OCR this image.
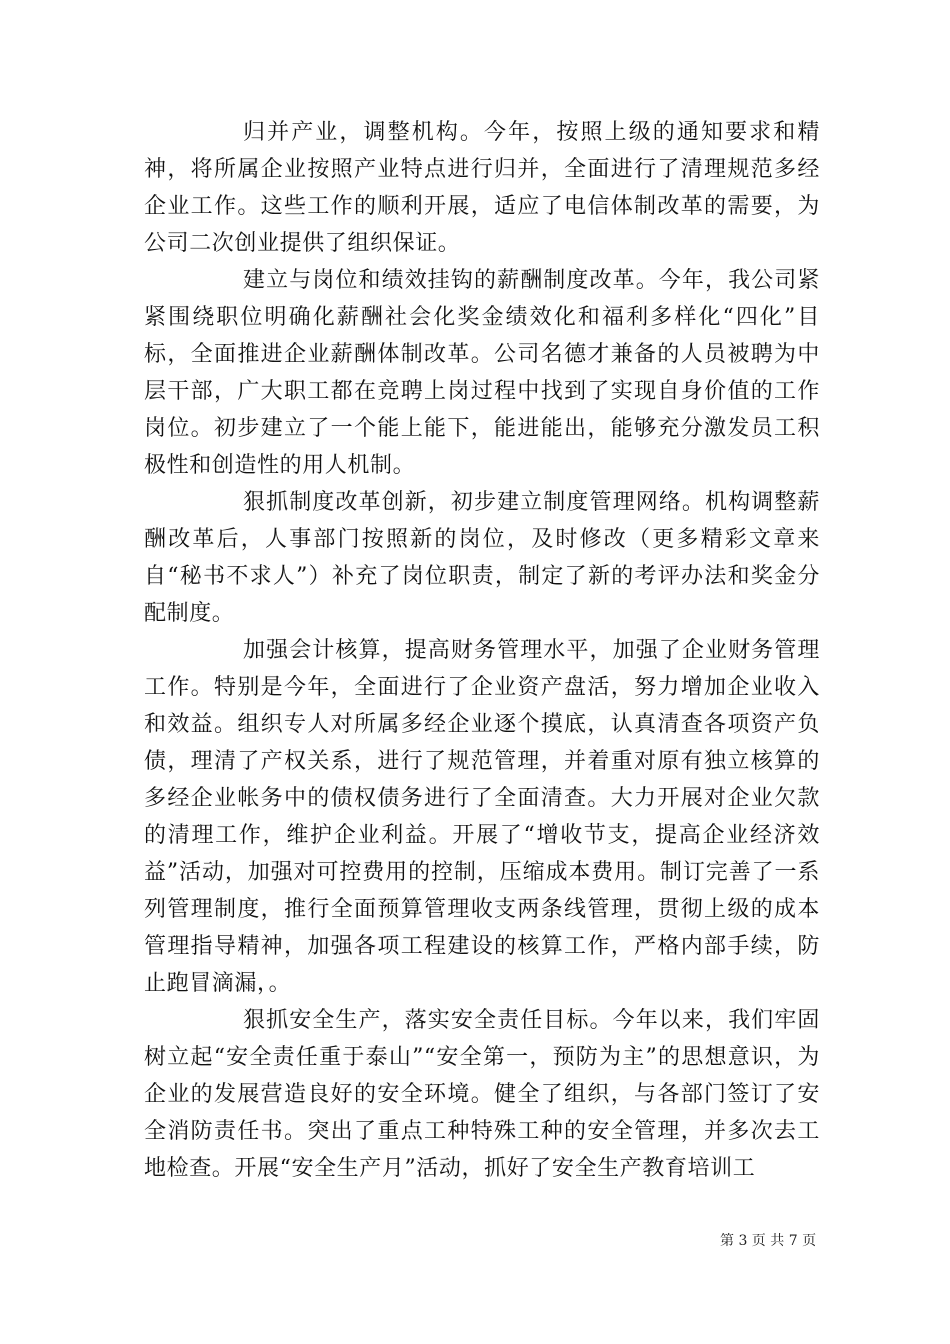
归并产业，调整机构。今年，按照上级的通知要求和精神，将所属企业按照产业特点进行归并，全面进行了清理规范多经企业工作。这些工作的顺利开展，适应了电信体制改革的需要，为公司二次创业提供了组织保证。

建立与岗位和绩效挂钩的薪酬制度改革。今年，我公司紧紧围绕职位明确化薪酬社会化奖金绩效化和福利多样化“四化”目标，全面推进企业薪酬体制改革。公司名德才兼备的人员被聘为中层干部，广大职工都在竞聘上岗过程中找到了实现自身价值的工作岗位。初步建立了一个能上能下，能进能出，能够充分激发员工积极性和创造性的用人机制。

狠抓制度改革创新，初步建立制度管理网络。机构调整薪酬改革后，人事部门按照新的岗位，及时修改（更多精彩文章来自“秘书不求人”）补充了岗位职责，制定了新的考评办法和奖金分配制度。

加强会计核算，提高财务管理水平，加强了企业财务管理工作。特别是今年，全面进行了企业资产盘活，努力增加企业收入和效益。组织专人对所属多经企业逐个摸底，认真清查各项资产负债，理清了产权关系，进行了规范管理，并着重对原有独立核算的多经企业帐务中的债权债务进行了全面清查。大力开展对企业欠款的清理工作，维护企业利益。开展了“增收节支，提高企业经济效益”活动，加强对可控费用的控制，压缩成本费用。制订完善了一系列管理制度，推行全面预算管理收支两条线管理，贯彻上级的成本管理指导精神，加强各项工程建设的核算工作，严格内部手续，防止跑冒滴漏，。

狠抓安全生产，落实安全责任目标。今年以来，我们牢固树立起“安全责任重于泰山”“安全第一，预防为主”的思想意识，为企业的发展营造良好的安全环境。健全了组织，与各部门签订了安全消防责任书。突出了重点工种特殊工种的安全管理，并多次去工地检查。开展“安全生产月”活动，抓好了安全生产教育培训工

第 3 页 共 7 页
